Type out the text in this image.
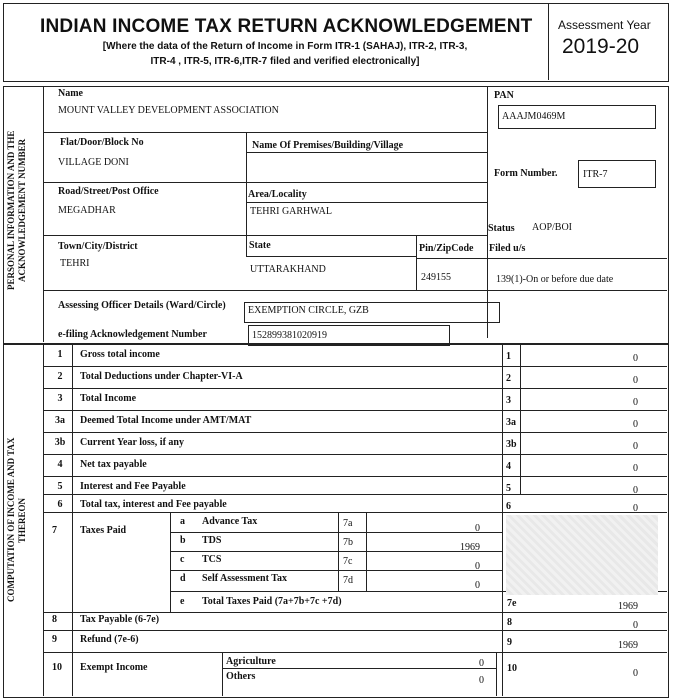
INDIAN INCOME TAX RETURN ACKNOWLEDGEMENT
[Where the data of the Return of Income in Form ITR-1 (SAHAJ), ITR-2, ITR-3,
ITR-4 , ITR-5, ITR-6,ITR-7 filed and verified electronically]
Assessment Year
2019-20
PERSONAL INFORMATION AND THE ACKNOWLEDGEMENT NUMBER
Name
MOUNT VALLEY DEVELOPMENT ASSOCIATION
PAN
AAAJM0469M
Flat/Door/Block No
VILLAGE DONI
Name Of Premises/Building/Village
Form Number.	ITR-7
Road/Street/Post Office
MEGADHAR
Area/Locality
TEHRI GARHWAL
Status AOP/BOI
Town/City/District
TEHRI
State
UTTARAKHAND
Pin/ZipCode
249155
Filed u/s
139(1)-On or before due date
Assessing Officer Details (Ward/Circle) EXEMPTION CIRCLE, GZB
e-filing Acknowledgement Number	152899381020919
COMPUTATION OF INCOME AND TAX THEREON
1	Gross total income	1	0
2	Total Deductions under Chapter-VI-A	2	0
3	Total Income	3	0
3a	Deemed Total Income under AMT/MAT	3a	0
3b Current Year loss, if any	3b	0
4	Net tax payable	4	0
5	Interest and Fee Payable	5	0
6	Total tax, interest and Fee payable	6	0
7 Taxes Paid
a Advance Tax	7a	0
b TDS	7b	1969
c TCS	7c	0
d Self Assessment Tax	7d	0
e Total Taxes Paid (7a+7b+7c +7d)	7e	1969
8 Tax Payable (6-7e)	8	0
9 Refund (7e-6)	9	1969
10 Exempt Income
Agriculture	0
Others	0
10	0
